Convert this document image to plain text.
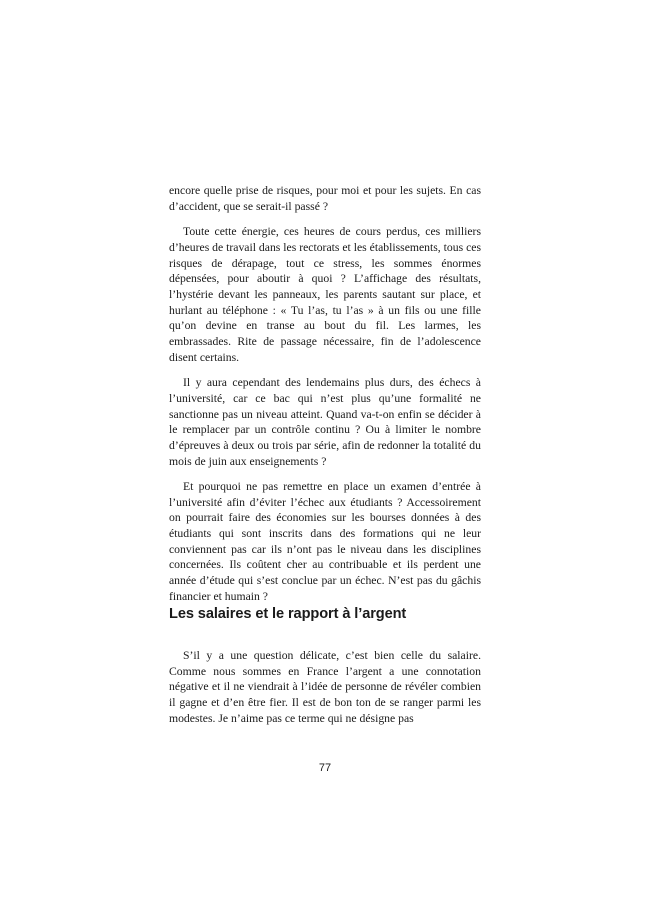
encore quelle prise de risques, pour moi et pour les sujets. En cas d’accident, que se serait-il passé ?

Toute cette énergie, ces heures de cours perdus, ces milliers d’heures de travail dans les rectorats et les établissements, tous ces risques de dérapage, tout ce stress, les sommes énormes dépensées, pour aboutir à quoi ? L’affichage des résultats, l’hystérie devant les panneaux, les parents sautant sur place, et hurlant au téléphone : « Tu l’as, tu l’as » à un fils ou une fille qu’on devine en transe au bout du fil. Les larmes, les embrassades. Rite de passage nécessaire, fin de l’adolescence disent certains.

Il y aura cependant des lendemains plus durs, des échecs à l’université, car ce bac qui n’est plus qu’une formalité ne sanctionne pas un niveau atteint. Quand va-t-on enfin se décider à le remplacer par un contrôle continu ? Ou à limiter le nombre d’épreuves à deux ou trois par série, afin de redonner la totalité du mois de juin aux enseignements ?

Et pourquoi ne pas remettre en place un examen d’entrée à l’université afin d’éviter l’échec aux étudiants ? Accessoirement on pourrait faire des économies sur les bourses données à des étudiants qui sont inscrits dans des formations qui ne leur conviennent pas car ils n’ont pas le niveau dans les disciplines concernées. Ils coûtent cher au contribuable et ils perdent une année d’étude qui s’est conclue par un échec. N’est pas du gâchis financier et humain ?

Les salaires et le rapport à l’argent

S’il y a une question délicate, c’est bien celle du salaire. Comme nous sommes en France l’argent a une connotation négative et il ne viendrait à l’idée de personne de révéler combien il gagne et d’en être fier. Il est de bon ton de se ranger parmi les modestes. Je n’aime pas ce terme qui ne désigne pas

77
